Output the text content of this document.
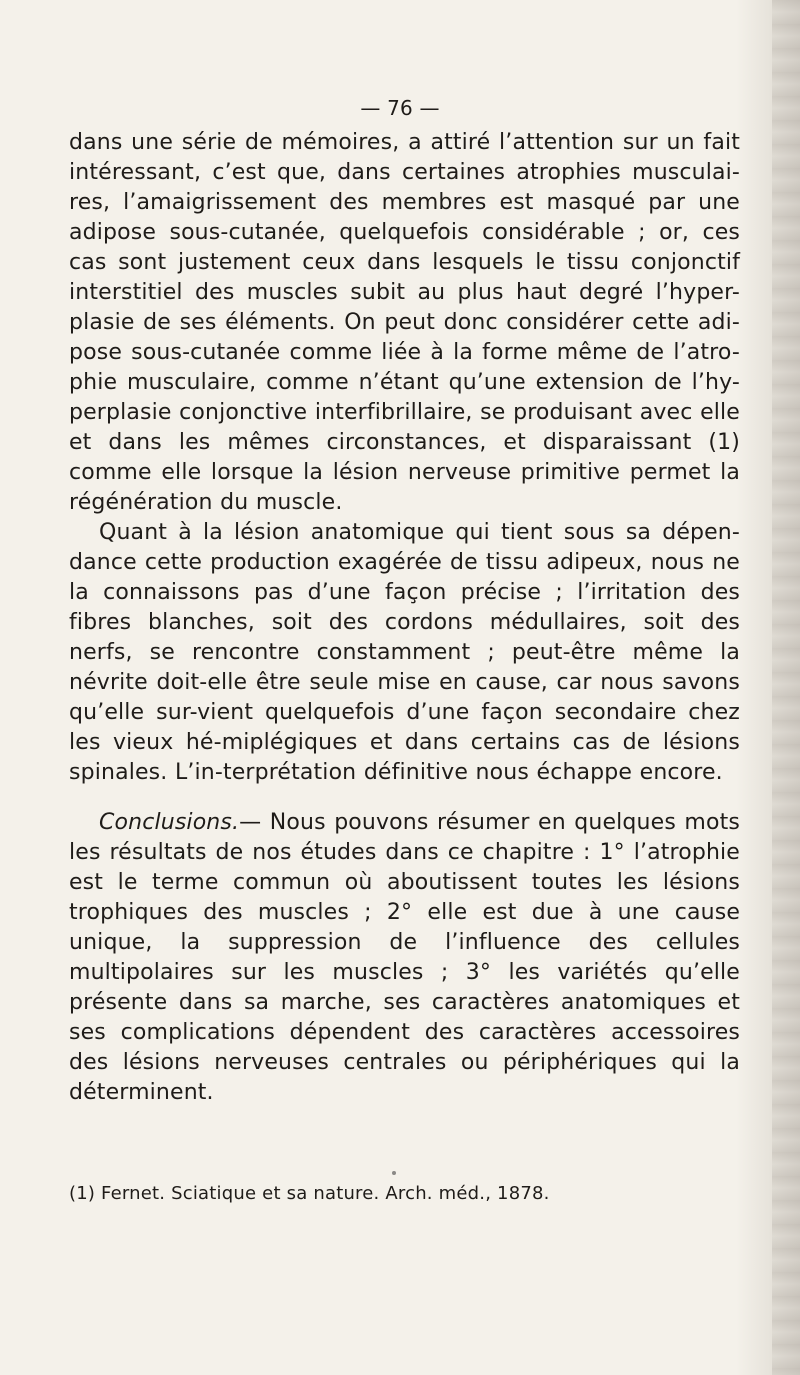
— 76 —

dans une série de mémoires, a attiré l’attention sur un fait intéressant, c’est que, dans certaines atrophies musculai-res, l’amaigrissement des membres est masqué par une adipose sous-cutanée, quelquefois considérable ; or, ces cas sont justement ceux dans lesquels le tissu conjonctif interstitiel des muscles subit au plus haut degré l’hyper-plasie de ses éléments. On peut donc considérer cette adi-pose sous-cutanée comme liée à la forme même de l’atro-phie musculaire, comme n’étant qu’une extension de l’hy-perplasie conjonctive interfibrillaire, se produisant avec elle et dans les mêmes circonstances, et disparaissant (1) comme elle lorsque la lésion nerveuse primitive permet la régénération du muscle.

Quant à la lésion anatomique qui tient sous sa dépen-dance cette production exagérée de tissu adipeux, nous ne la connaissons pas d’une façon précise ; l’irritation des fibres blanches, soit des cordons médullaires, soit des nerfs, se rencontre constamment ; peut-être même la névrite doit-elle être seule mise en cause, car nous savons qu’elle sur-vient quelquefois d’une façon secondaire chez les vieux hé-miplégiques et dans certains cas de lésions spinales. L’in-terprétation définitive nous échappe encore.

Conclusions.— Nous pouvons résumer en quelques mots les résultats de nos études dans ce chapitre : 1° l’atrophie est le terme commun où aboutissent toutes les lésions trophiques des muscles ; 2° elle est due à une cause unique, la suppression de l’influence des cellules multipolaires sur les muscles ; 3° les variétés qu’elle présente dans sa marche, ses caractères anatomiques et ses complications dépendent des caractères accessoires des lésions nerveuses centrales ou périphériques qui la déterminent.

(1) Fernet. Sciatique et sa nature. Arch. méd., 1878.
